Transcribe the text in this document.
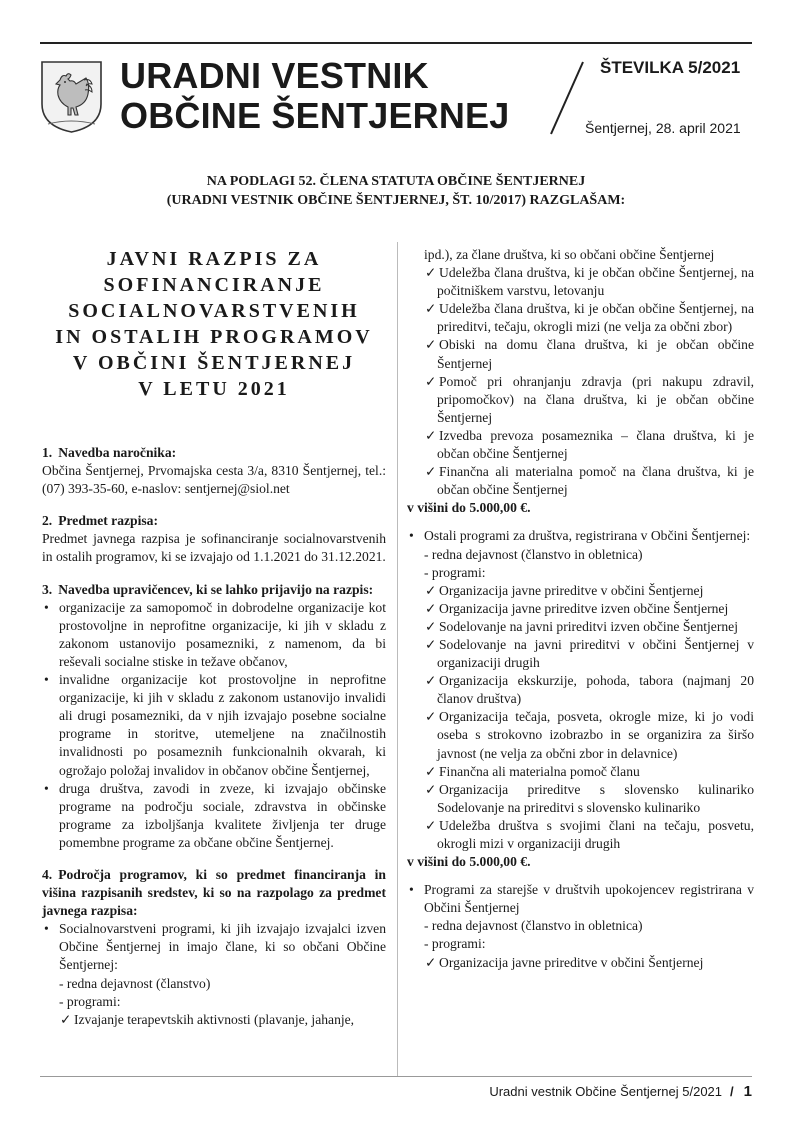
URADNI VESTNIK
OBČINE ŠENTJERNEJ
ŠTEVILKA 5/2021
Šentjernej, 28. april 2021
NA PODLAGI 52. ČLENA STATUTA OBČINE ŠENTJERNEJ
(URADNI VESTNIK OBČINE ŠENTJERNEJ, ŠT. 10/2017) RAZGLAŠAM:
JAVNI RAZPIS ZA
SOFINANCIRANJE
SOCIALNOVARSTVENIH
IN OSTALIH PROGRAMOV
V OBČINI ŠENTJERNEJ
V LETU 2021
1. Navedba naročnika:

Občina Šentjernej, Prvomajska cesta 3/a, 8310 Šentjernej, tel.: (07) 393-35-60, e-naslov: sentjernej@siol.net

2. Predmet razpisa:

Predmet javnega razpisa je sofinanciranje socialnovarstvenih in ostalih programov, ki se izvajajo od 1.1.2021 do 31.12.2021.

3. Navedba upravičencev, ki se lahko prijavijo na razpis:
• organizacije za samopomoč in dobrodelne organizacije kot prostovoljne in neprofitne organizacije, ki jih v skladu z zakonom ustanovijo posamezniki, z namenom, da bi reševali socialne stiske in težave občanov,
• invalidne organizacije kot prostovoljne in neprofitne organizacije, ki jih v skladu z zakonom ustanovijo invalidi ali drugi posamezniki, da v njih izvajajo posebne socialne programe in storitve, utemeljene na značilnostih invalidnosti po posameznih funkcionalnih okvarah, ki ogrožajo položaj invalidov in občanov občine Šentjernej,
• druga društva, zavodi in zveze, ki izvajajo občinske programe na področju sociale, zdravstva in občinske programe za izboljšanja kvalitete življenja ter druge pomembne programe za občane občine Šentjernej.

4. Področja programov, ki so predmet financiranja in višina razpisanih sredstev, ki so na razpolago za predmet javnega razpisa:

• Socialnovarstveni programi, ki jih izvajajo izvajalci izven Občine Šentjernej in imajo člane, ki so občani Občine Šentjernej:
- redna dejavnost (članstvo)
- programi:
✓ Izvajanje terapevtskih aktivnosti (plavanje, jahanje,

ipd.), za člane društva, ki so občani občine Šentjernej

✓ Udeležba člana društva, ki je občan občine Šentjernej, na počitniškem varstvu, letovanju
✓ Udeležba člana društva, ki je občan občine Šentjernej, na prireditvi, tečaju, okrogli mizi (ne velja za občni zbor)
✓ Obiski na domu člana društva, ki je občan občine Šentjernej
✓ Pomoč pri ohranjanju zdravja (pri nakupu zdravil, pripomočkov) na člana društva, ki je občan občine Šentjernej
✓ Izvedba prevoza posameznika – člana društva, ki je občan občine Šentjernej
✓ Finančna ali materialna pomoč na člana društva, ki je občan občine Šentjernej
v višini do 5.000,00 €.
• Ostali programi za društva, registrirana v Občini Šentjernej:
- redna dejavnost (članstvo in obletnica)
- programi:
✓ Organizacija javne prireditve v občini Šentjernej
✓ Organizacija javne prireditve izven občine Šentjernej
✓ Sodelovanje na javni prireditvi izven občine Šentjernej
✓ Sodelovanje na javni prireditvi v občini Šentjernej v organizaciji drugih
✓ Organizacija ekskurzije, pohoda, tabora (najmanj 20 članov društva)
✓ Organizacija tečaja, posveta, okrogle mize, ki jo vodi oseba s strokovno izobrazbo in se organizira za širšo javnost (ne velja za občni zbor in delavnice)
✓ Finančna ali materialna pomoč članu
✓ Organizacija prireditve s slovensko kulinariko Sodelovanje na prireditvi s slovensko kulinariko
✓ Udeležba društva s svojimi člani na tečaju, posvetu, okrogli mizi v organizaciji drugih
v višini do 5.000,00 €.
• Programi za starejše v društvih upokojencev registrirana v Občini Šentjernej
- redna dejavnost (članstvo in obletnica)
- programi:
✓ Organizacija javne prireditve v občini Šentjernej
Uradni vestnik Občine Šentjernej 5/2021 / 1
